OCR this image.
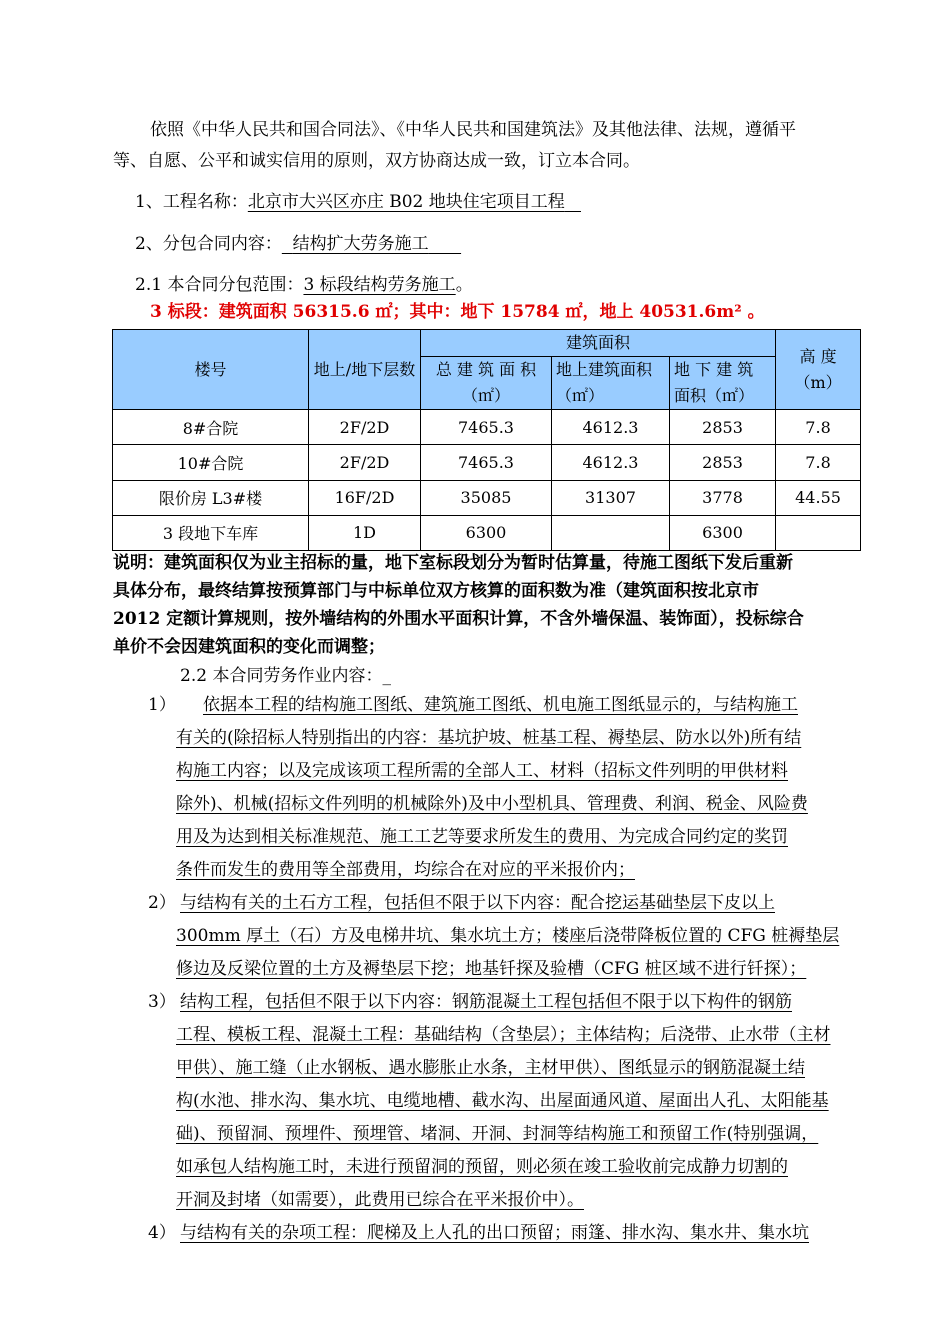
依照《中华人民共和国合同法》、《中华人民共和国建筑法》及其他法律、法规，遵循平
等、自愿、公平和诚实信用的原则，双方协商达成一致，订立本合同。
1、工程名称：北京市大兴区亦庄 B02 地块住宅项目工程
2、分包合同内容： 结构扩大劳务施工
2.1 本合同分包范围：3 标段结构劳务施工。
3 标段：建筑面积 56315.6 ㎡；其中：地下 15784 ㎡，地上 40531.6m² 。
楼号	地上/地下层数	建筑面积			高 度（m）
		总 建 筑 面 积（㎡）	地上建筑面积（㎡）	地 下 建 筑 面积（㎡）	
8#合院	2F/2D	7465.3	4612.3	2853	7.8
10#合院	2F/2D	7465.3	4612.3	2853	7.8
限价房 L3#楼	16F/2D	35085	31307	3778	44.55
3 段地下车库	1D	6300		6300	
说明：建筑面积仅为业主招标的量，地下室标段划分为暂时估算量，待施工图纸下发后重新
具体分布，最终结算按预算部门与中标单位双方核算的面积数为准（建筑面积按北京市
2012 定额计算规则，按外墙结构的外围水平面积计算，不含外墙保温、装饰面），投标综合
单价不会因建筑面积的变化而调整；
2.2 本合同劳务作业内容：_
1） 依据本工程的结构施工图纸、建筑施工图纸、机电施工图纸显示的，与结构施工
有关的(除招标人特别指出的内容：基坑护坡、桩基工程、褥垫层、防水以外)所有结
构施工内容；以及完成该项工程所需的全部人工、材料（招标文件列明的甲供材料
除外)、机械(招标文件列明的机械除外)及中小型机具、管理费、利润、税金、风险费
用及为达到相关标准规范、施工工艺等要求所发生的费用、为完成合同约定的奖罚
条件而发生的费用等全部费用，均综合在对应的平米报价内；
2） 与结构有关的土石方工程，包括但不限于以下内容：配合挖运基础垫层下皮以上
300mm 厚土（石）方及电梯井坑、集水坑土方；楼座后浇带降板位置的 CFG 桩褥垫层
修边及反梁位置的土方及褥垫层下挖；地基钎探及验槽（CFG 桩区域不进行钎探）；
3） 结构工程，包括但不限于以下内容：钢筋混凝土工程包括但不限于以下构件的钢筋
工程、模板工程、混凝土工程：基础结构（含垫层）；主体结构；后浇带、止水带（主材
甲供）、施工缝（止水钢板、遇水膨胀止水条，主材甲供）、图纸显示的钢筋混凝土结
构(水池、排水沟、集水坑、电缆地槽、截水沟、出屋面通风道、屋面出人孔、太阳能基
础)、预留洞、预埋件、预埋管、堵洞、开洞、封洞等结构施工和预留工作(特别强调，
如承包人结构施工时，未进行预留洞的预留，则必须在竣工验收前完成静力切割的
开洞及封堵（如需要），此费用已综合在平米报价中）。
4） 与结构有关的杂项工程：爬梯及上人孔的出口预留；雨篷、排水沟、集水井、集水坑
